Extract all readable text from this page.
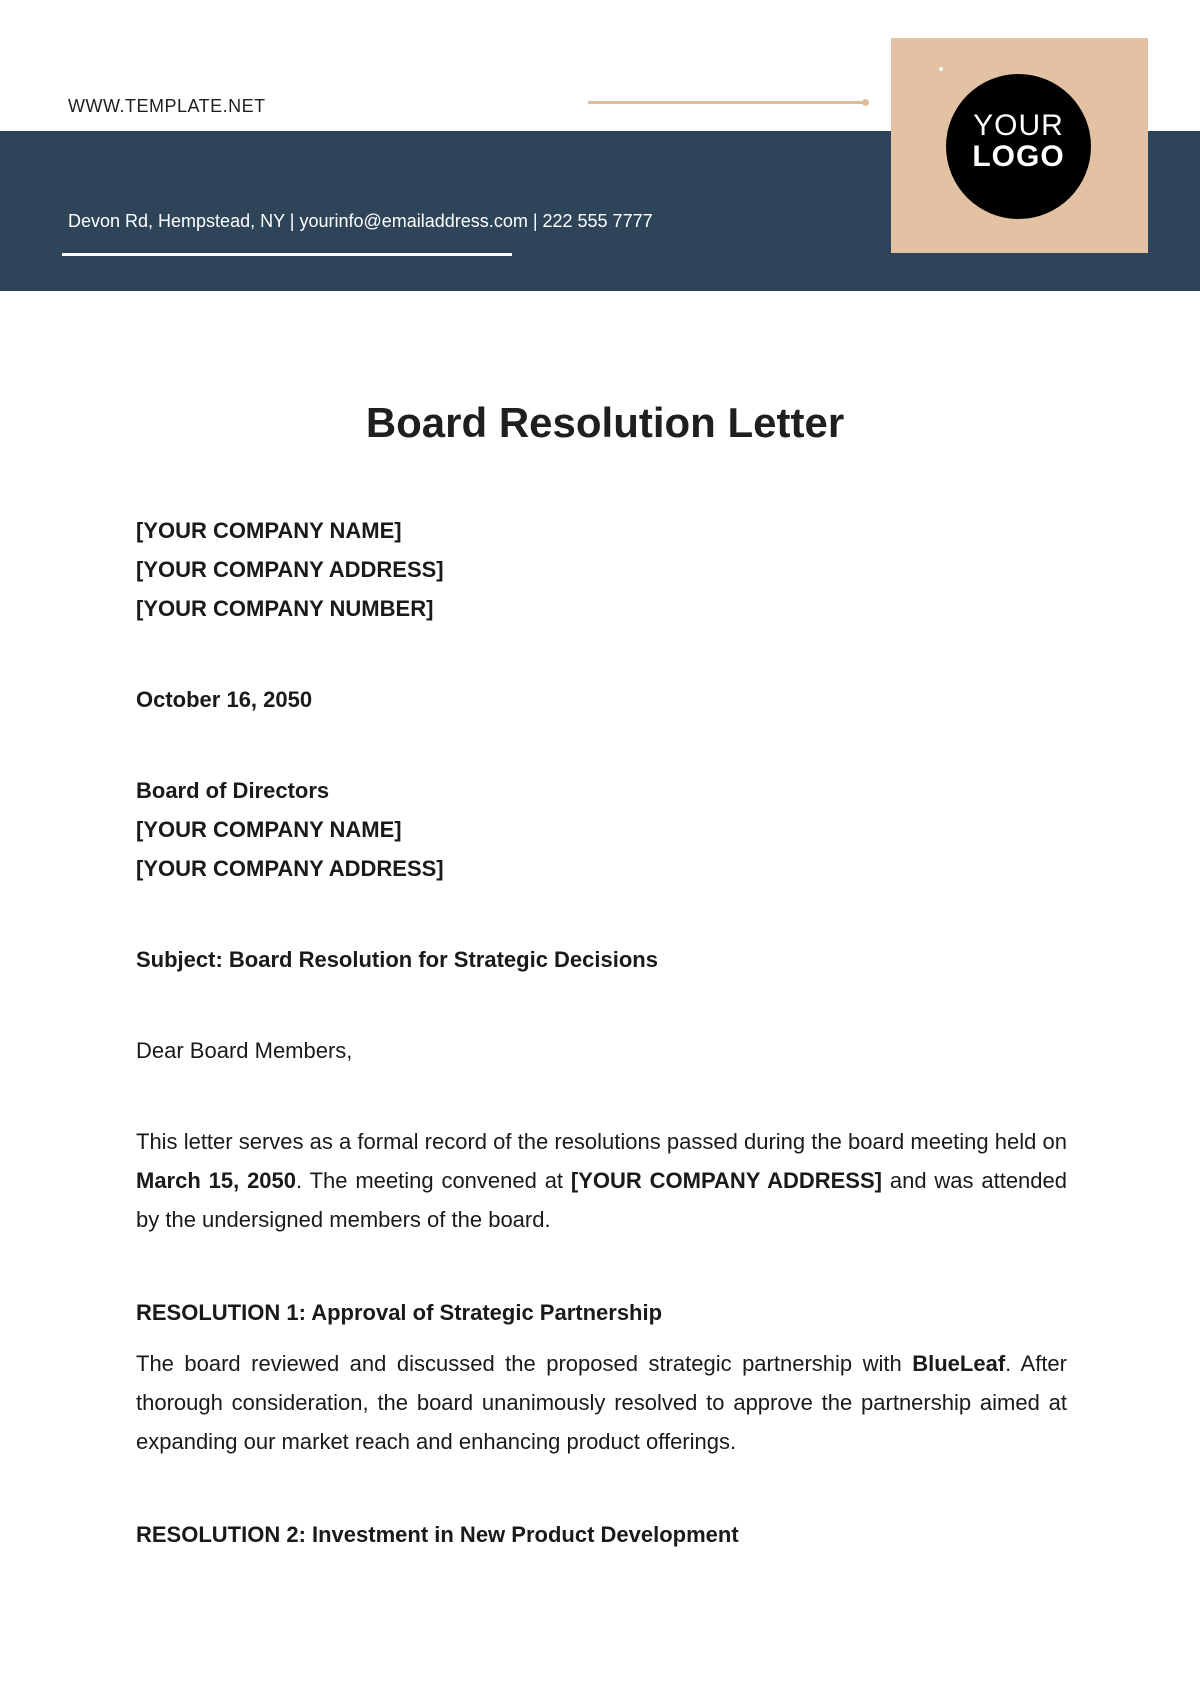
WWW.TEMPLATE.NET
Devon Rd, Hempstead, NY | yourinfo@emailaddress.com | 222 555 7777
YOUR
LOGO
Board Resolution Letter
[YOUR COMPANY NAME]
[YOUR COMPANY ADDRESS]
[YOUR COMPANY NUMBER]
October 16, 2050
Board of Directors
[YOUR COMPANY NAME]
[YOUR COMPANY ADDRESS]
Subject: Board Resolution for Strategic Decisions
Dear Board Members,
This letter serves as a formal record of the resolutions passed during the board meeting held on March 15, 2050. The meeting convened at [YOUR COMPANY ADDRESS] and was attended by the undersigned members of the board.
RESOLUTION 1: Approval of Strategic Partnership
The board reviewed and discussed the proposed strategic partnership with BlueLeaf. After thorough consideration, the board unanimously resolved to approve the partnership aimed at expanding our market reach and enhancing product offerings.
RESOLUTION 2: Investment in New Product Development
